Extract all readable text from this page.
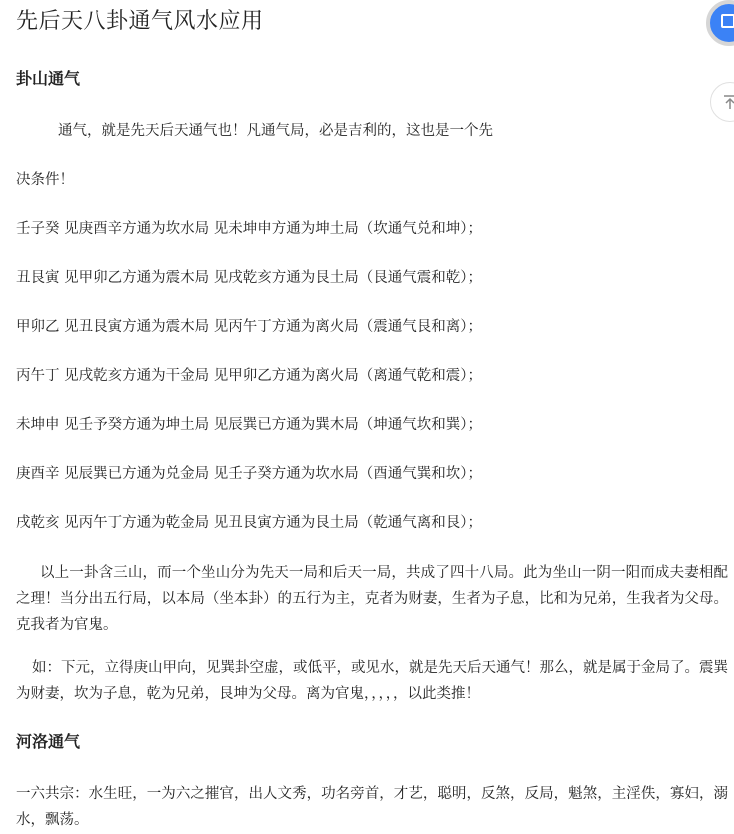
先后天八卦通气风水应用
卦山通气

通气，就是先天后天通气也！凡通气局，必是吉利的，这也是一个先

决条件！

壬子癸 见庚酉辛方通为坎水局 见未坤申方通为坤土局（坎通气兑和坤）；

丑艮寅 见甲卯乙方通为震木局 见戌乾亥方通为艮土局（艮通气震和乾）；

甲卯乙 见丑艮寅方通为震木局 见丙午丁方通为离火局（震通气艮和离）；

丙午丁 见戌乾亥方通为干金局 见甲卯乙方通为离火局（离通气乾和震）；

未坤申 见壬予癸方通为坤土局 见辰巽已方通为巽木局（坤通气坎和巽）；

庚酉辛 见辰巽已方通为兑金局 见壬子癸方通为坎水局（酉通气巽和坎）；

戌乾亥 见丙午丁方通为乾金局 见丑艮寅方通为艮土局（乾通气离和艮）；

以上一卦含三山，而一个坐山分为先天一局和后天一局，共成了四十八局。此为坐山一阴一阳而成夫妻相配之理！当分出五行局，以本局（坐本卦）的五行为主，克者为财妻，生者为子息，比和为兄弟，生我者为父母。克我者为官鬼。

如：下元，立得庚山甲向，见巽卦空虚，或低平，或见水，就是先天后天通气！那么，就是属于金局了。震巽为财妻，坎为子息，乾为兄弟，艮坤为父母。离为官鬼，，，，，以此类推！

河洛通气

一六共宗：水生旺，一为六之摧官，出人文秀，功名旁首，才艺，聪明，反煞，反局，魁煞，主淫佚，寡妇，溺水，飘荡。
